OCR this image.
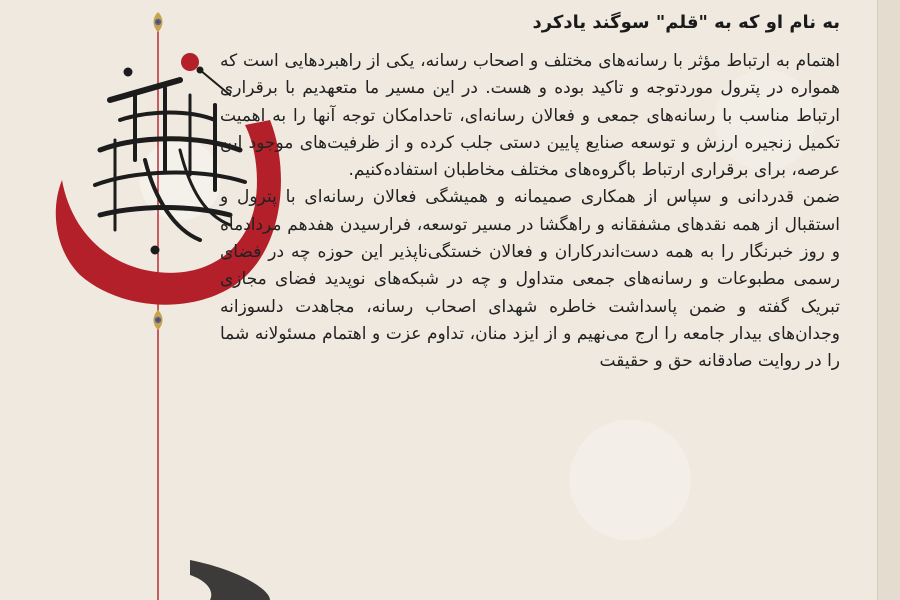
ن والقلم وما یسطرون
به نام او که به "قلم" سوگند یادکرد

اهتمام به ارتباط مؤثر با رسانه‌های مختلف و اصحاب رسانه، یکی از راهبردهایی است که همواره در پترول موردتوجه و تاکید بوده و هست. در این مسیر ما متعهدیم با برقراری ارتباط مناسب با رسانه‌های جمعی و فعالان رسانه‌ای، تاحدامکان توجه آنها را به اهمیت تکمیل زنجیره ارزش و توسعه صنایع پایین دستی جلب کرده و از ظرفیت‌های موجود این عرصه، برای برقراری ارتباط باگروه‌های مختلف مخاطبان استفاده‌کنیم.

ضمن قدردانی و سپاس از همکاری صمیمانه و همیشگی فعالان رسانه‌ای با پترول و استقبال از همه نقدهای مشفقانه و راهگشا در مسیر توسعه، فرارسیدن هفدهم مردادماه و روز خبرنگار را به همه دست‌اندرکاران و فعالان خستگی‌ناپذیر این حوزه چه در فضای رسمی مطبوعات و رسانه‌های جمعی متداول و چه در شبکه‌های نوپدید فضای مجازی تبریک گفته و ضمن پاسداشت خاطره شهدای اصحاب رسانه، مجاهدت دلسوزانه وجدان‌های بیدار جامعه را ارج می‌نهیم و از ایزد منان، تداوم عزت و اهتمام مسئولانه شما را در روایت صادقانه حق و حقیقت
